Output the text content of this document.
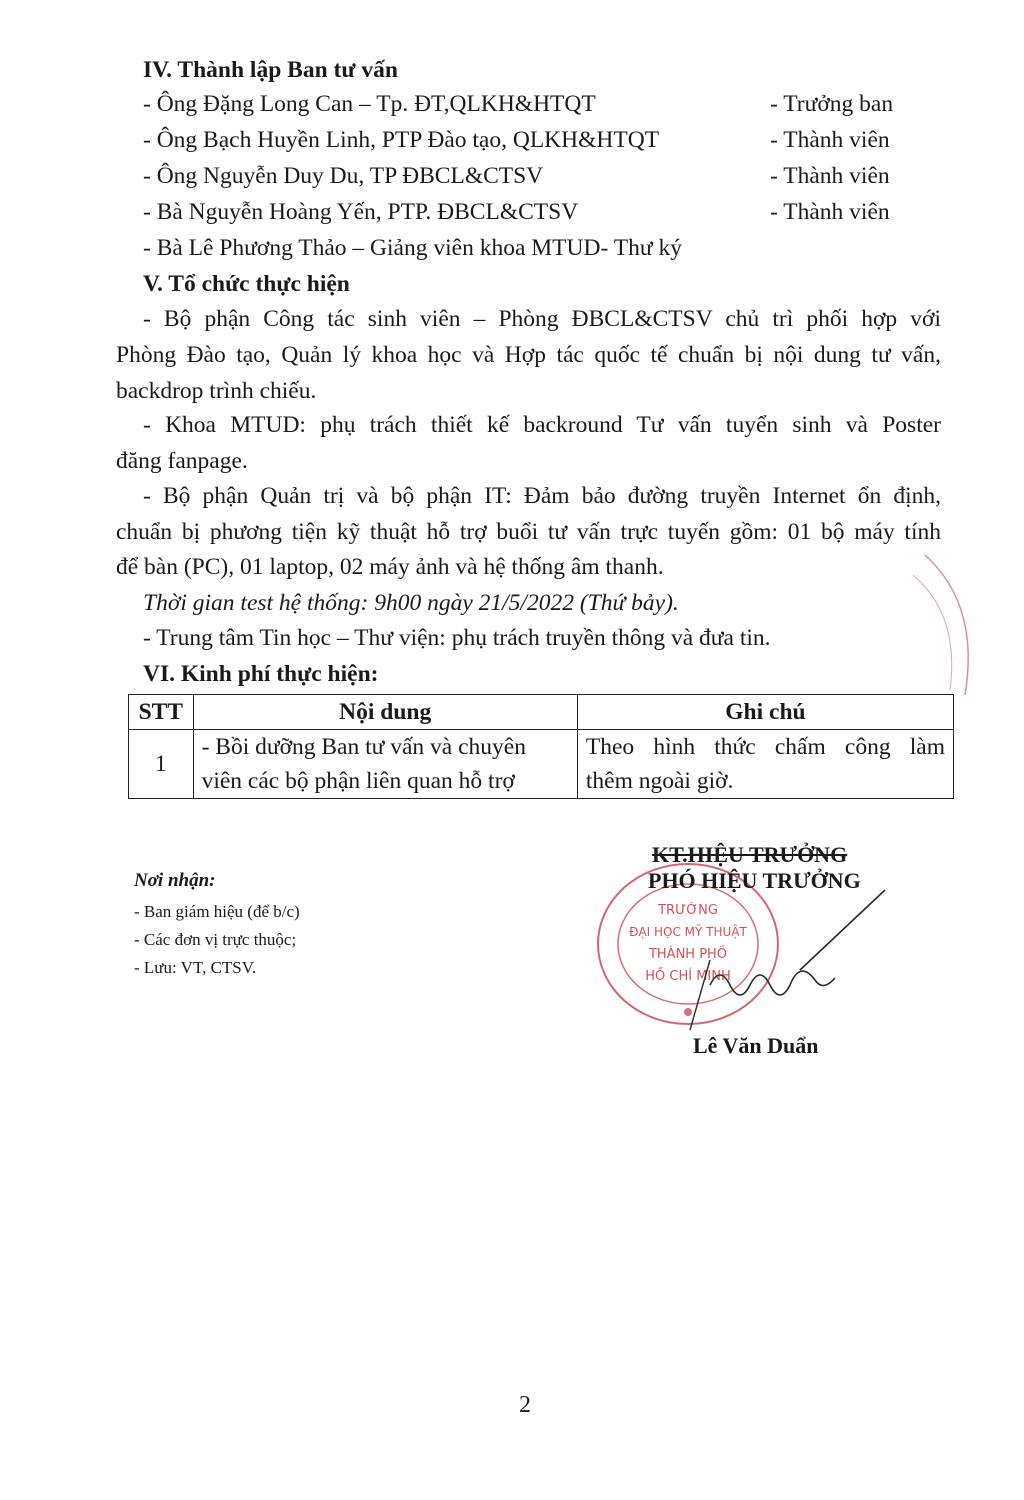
IV. Thành lập Ban tư vấn
- Ông Đặng Long Can – Tp. ĐT,QLKH&HTQT	- Trưởng ban
- Ông Bạch Huyền Linh, PTP Đào tạo, QLKH&HTQT	- Thành viên
- Ông Nguyễn Duy Du, TP ĐBCL&CTSV	- Thành viên
- Bà Nguyễn Hoàng Yến, PTP. ĐBCL&CTSV	- Thành viên
- Bà Lê Phương Thảo – Giảng viên khoa MTUD- Thư ký
V. Tổ chức thực hiện
- Bộ phận Công tác sinh viên – Phòng ĐBCL&CTSV chủ trì phối hợp với
Phòng Đào tạo, Quản lý khoa học và Hợp tác quốc tế chuẩn bị nội dung tư vấn,
backdrop trình chiếu.
- Khoa MTUD: phụ trách thiết kế backround Tư vấn tuyển sinh và Poster
đăng fanpage.
- Bộ phận Quản trị và bộ phận IT: Đảm bảo đường truyền Internet ổn định,
chuẩn bị phương tiện kỹ thuật hỗ trợ buổi tư vấn trực tuyến gồm: 01 bộ máy tính
để bàn (PC), 01 laptop, 02 máy ảnh và hệ thống âm thanh.
Thời gian test hệ thống: 9h00 ngày 21/5/2022 (Thứ bảy).
- Trung tâm Tin học – Thư viện: phụ trách truyền thông và đưa tin.
VI. Kinh phí thực hiện:
STT	Nội dung	Ghi chú
1	- Bồi dưỡng Ban tư vấn và chuyên
viên các bộ phận liên quan hỗ trợ	Theo hình thức chấm công làm
thêm ngoài giờ.
Nơi nhận:
- Ban giám hiệu (để b/c)
- Các đơn vị trực thuộc;
- Lưu: VT, CTSV.
TRƯỜNG
ĐẠI HỌC MỸ THUẬT
THÀNH PHỐ
HỒ CHÍ MINH
KT.HIỆU TRƯỞNG
PHÓ HIỆU TRƯỞNG
Lê Văn Duẩn
2
